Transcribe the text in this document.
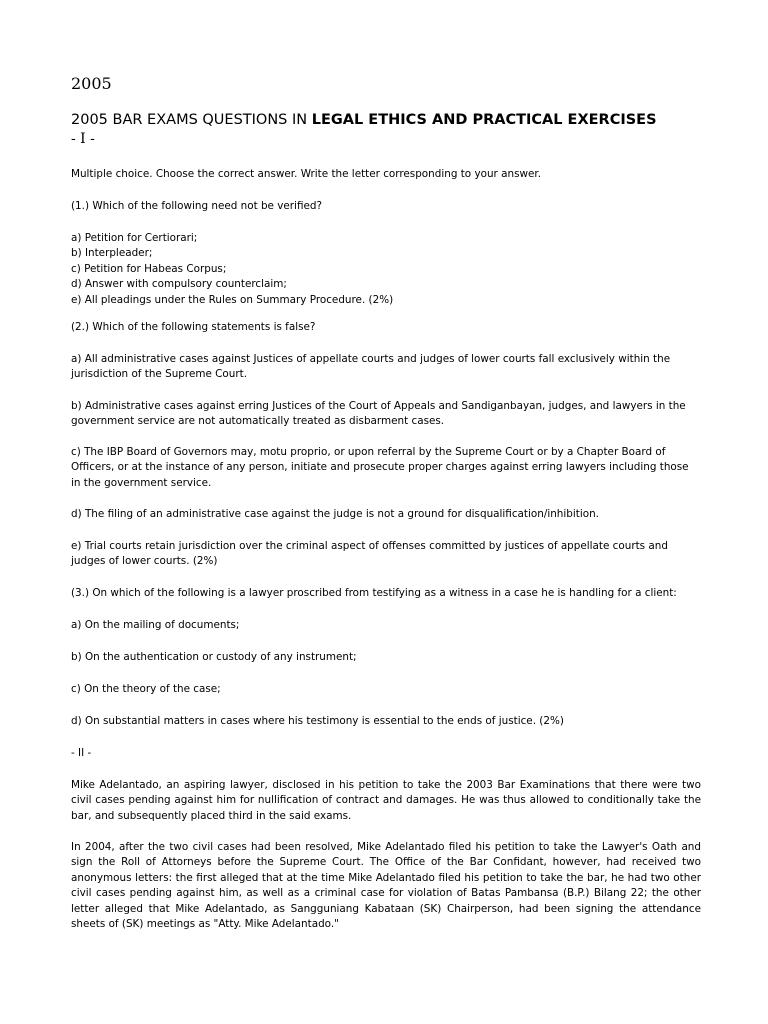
2005
2005 BAR EXAMS QUESTIONS IN LEGAL ETHICS AND PRACTICAL EXERCISES

- I -

Multiple choice. Choose the correct answer. Write the letter corresponding to your answer.

(1.) Which of the following need not be verified?

a) Petition for Certiorari;
b) Interpleader;
c) Petition for Habeas Corpus;
d) Answer with compulsory counterclaim;
e) All pleadings under the Rules on Summary Procedure. (2%)

(2.) Which of the following statements is false?

a) All administrative cases against Justices of appellate courts and judges of lower courts fall exclusively within the jurisdiction of the Supreme Court.

b) Administrative cases against erring Justices of the Court of Appeals and Sandiganbayan, judges, and lawyers in the government service are not automatically treated as disbarment cases.

c) The IBP Board of Governors may, motu proprio, or upon referral by the Supreme Court or by a Chapter Board of Officers, or at the instance of any person, initiate and prosecute proper charges against erring lawyers including those in the government service.

d) The filing of an administrative case against the judge is not a ground for disqualification/inhibition.

e) Trial courts retain jurisdiction over the criminal aspect of offenses committed by justices of appellate courts and judges of lower courts. (2%)

(3.) On which of the following is a lawyer proscribed from testifying as a witness in a case he is handling for a client:

a) On the mailing of documents;

b) On the authentication or custody of any instrument;

c) On the theory of the case;

d) On substantial matters in cases where his testimony is essential to the ends of justice. (2%)

- II -

Mike Adelantado, an aspiring lawyer, disclosed in his petition to take the 2003 Bar Examinations that there were two civil cases pending against him for nullification of contract and damages. He was thus allowed to conditionally take the bar, and subsequently placed third in the said exams.

In 2004, after the two civil cases had been resolved, Mike Adelantado filed his petition to take the Lawyer's Oath and sign the Roll of Attorneys before the Supreme Court. The Office of the Bar Confidant, however, had received two anonymous letters: the first alleged that at the time Mike Adelantado filed his petition to take the bar, he had two other civil cases pending against him, as well as a criminal case for violation of Batas Pambansa (B.P.) Bilang 22; the other letter alleged that Mike Adelantado, as Sangguniang Kabataan (SK) Chairperson, had been signing the attendance sheets of (SK) meetings as "Atty. Mike Adelantado."
